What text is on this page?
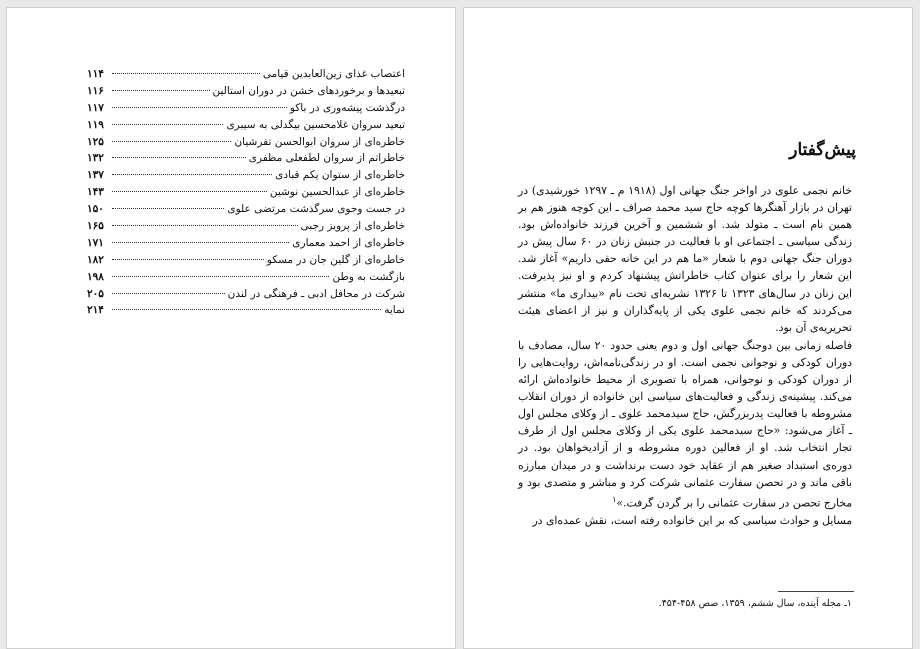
اعتصاب غذای زین‌العابدین قیامی
۱۱۴
تبعیدها و برخوردهای خشن در دوران استالین
۱۱۶
درگذشت پیشه‌وری در باکو
۱۱۷
تبعید سروان غلامحسین بیگدلی به سیبری
۱۱۹
خاطره‌ای از سروان ابوالحسن تفرشیان
۱۲۵
خاطراتم از سروان لطفعلی مظفری
۱۳۲
خاطره‌ای از ستوان یکم قبادی
۱۳۷
خاطره‌ای از عبدالحسین نوشین
۱۴۳
در جست وجوی سرگذشت مرتضی علوی
۱۵۰
خاطره‌ای از پرویز رجبی
۱۶۵
خاطره‌ای از احمد معماری
۱۷۱
خاطره‌ای از گلین جان در مسکو
۱۸۲
بازگشت به وطن
۱۹۸
شرکت در محافل ادبی ـ فرهنگی در لندن
۲۰۵
نمایه
۲۱۴
پیش‌گفتار

خانم نجمی علوی در اواخر جنگ جهانی اول (۱۹۱۸ م ـ ۱۲۹۷ خورشیدی) در تهران در بازار آهنگرها کوچه حاج سید محمد صراف ـ این کوچه هنوز هم بر همین نام است ـ متولد شد. او ششمین و آخرین فرزند خانواده‌اش بود. زندگی سیاسی ـ اجتماعی او با فعالیت در جنبش زنان در ۶۰ سال پیش در دوران جنگ جهانی دوم با شعار «ما هم در این خانه حقی داریم» آغاز شد. این شعار را برای عنوان کتاب خاطراتش پیشنهاد کردم و او نیز پذیرفت. این زنان در سال‌های ۱۳۲۳ تا ۱۳۲۶ نشریه‌ای تحت نام «بیداری ما» منتشر می‌کردند که خانم نجمی علوی یکی از پایه‌گذاران و نیز از اعضای هیئت تحریریه‌ی آن بود.

فاصله زمانی بین دوجنگ جهانی اول و دوم یعنی حدود ۲۰ سال، مصادف با دوران کودکی و نوجوانی نجمی است. او در زندگی‌نامه‌اش، روایت‌هایی را از دوران کودکی و نوجوانی، همراه با تصویری از محیط خانواده‌اش ارائه می‌کند. پیشینه‌ی زندگی و فعالیت‌های سیاسی این خانواده از دوران انقلاب مشروطه با فعالیت پدربزرگش، حاج سیدمحمد علوی ـ از وکلای مجلس اول ـ آغاز می‌شود: «حاج سیدمحمد علوی یکی از وکلای مجلس اول از طرف تجار انتخاب شد. او از فعالین دوره مشروطه و از آزادیخواهان بود. در دوره‌ی استبداد صغیر هم از عقاید خود دست برنداشت و در میدان مبارزه باقی ماند و در تحصن سفارت عثمانی شرکت کرد و مباشر و متصدی بود و مخارج تحصن در سفارت عثمانی را بر گردن گرفت.»$^۱$

مسایل و حوادث سیاسی که بر این خانواده رفته است، نقش عمده‌ای در

۱ـ مجله آینده، سال ششم، ۱۳۵۹، صص ۴۵۸-۴۵۴.
